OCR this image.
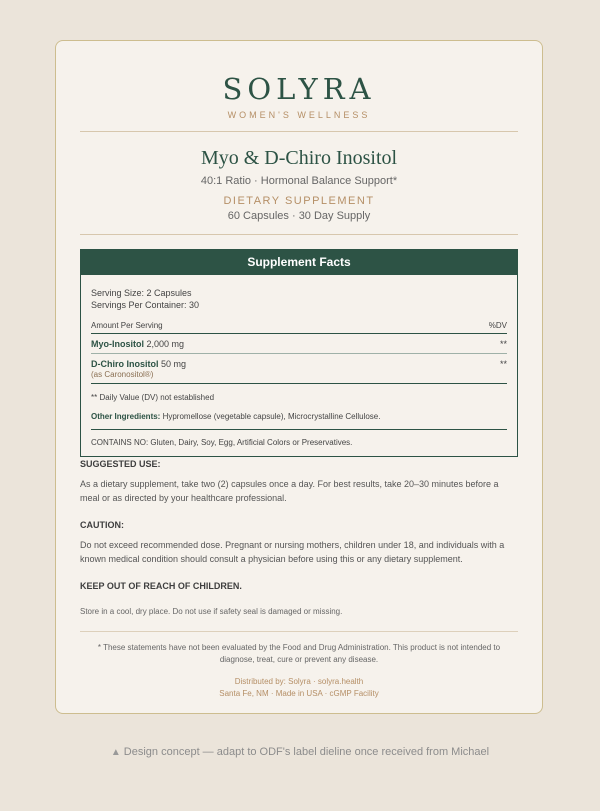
SOLYRA
WOMEN'S WELLNESS
Myo & D-Chiro Inositol
40:1 Ratio · Hormonal Balance Support*
DIETARY SUPPLEMENT
60 Capsules · 30 Day Supply
Supplement Facts
Serving Size: 2 Capsules
Servings Per Container: 30
Amount Per Serving	%DV
Myo-Inositol 2,000 mg	**
D-Chiro Inositol 50 mg	**
(as Caronositol®)
** Daily Value (DV) not established
Other Ingredients: Hypromellose (vegetable capsule), Microcrystalline Cellulose.
CONTAINS NO: Gluten, Dairy, Soy, Egg, Artificial Colors or Preservatives.
SUGGESTED USE:
As a dietary supplement, take two (2) capsules once a day. For best results, take 20–30 minutes before a meal or as directed by your healthcare professional.
CAUTION:
Do not exceed recommended dose. Pregnant or nursing mothers, children under 18, and individuals with a known medical condition should consult a physician before using this or any dietary supplement.
KEEP OUT OF REACH OF CHILDREN.
Store in a cool, dry place. Do not use if safety seal is damaged or missing.
* These statements have not been evaluated by the Food and Drug Administration. This product is not intended to diagnose, treat, cure or prevent any disease.
Distributed by: Solyra · solyra.health
Santa Fe, NM · Made in USA · cGMP Facility
▲ Design concept — adapt to ODF's label dieline once received from Michael
